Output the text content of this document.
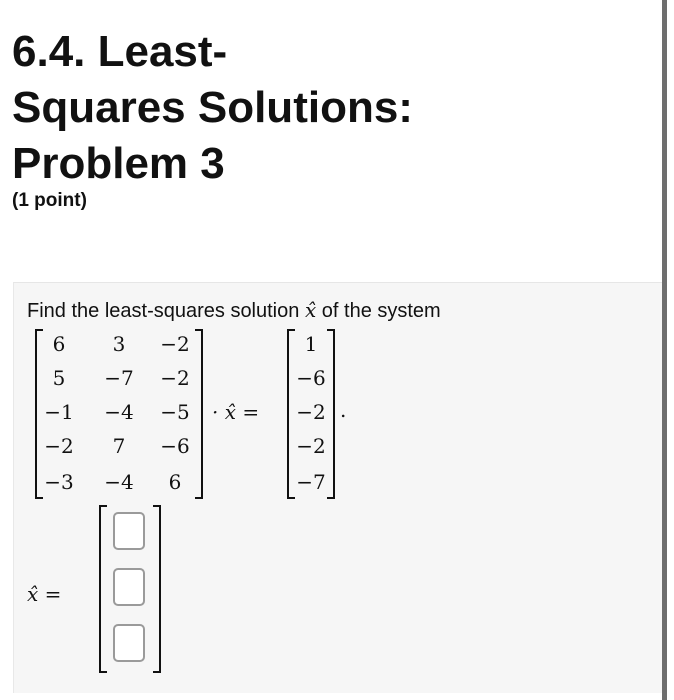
6.4. Least-
Squares Solutions:
Problem 3
(1 point)
Find the least-squares solution x̂ of the system
6	3	−2
5	−7	−2
−1	−4	−5
−2	7	−6
−3	−4	6
· x̂ =
1
−6
−2
−2
−7
.
x̂ =
